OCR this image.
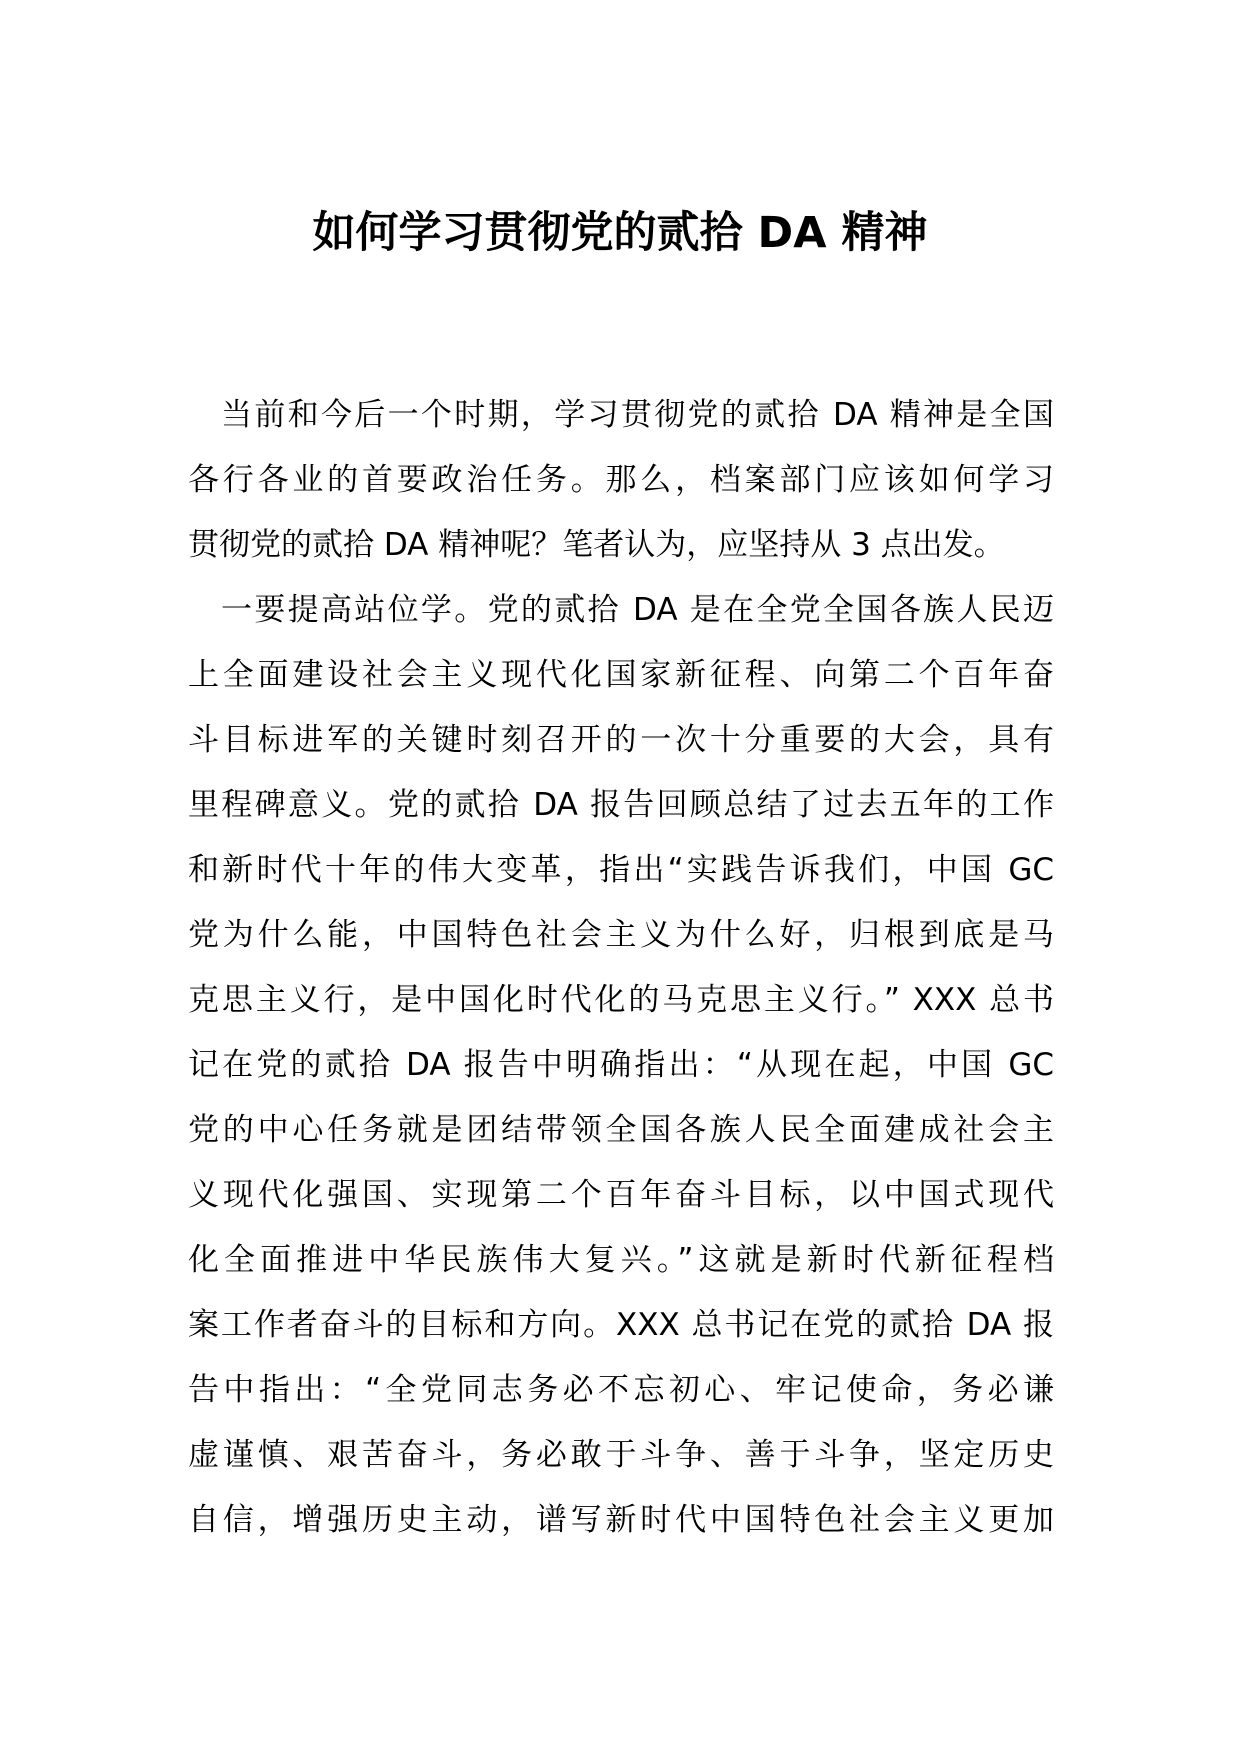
如何学习贯彻党的贰拾 DA 精神
当前和今后一个时期，学习贯彻党的贰拾 DA 精神是全国
各行各业的首要政治任务。那么，档案部门应该如何学习
贯彻党的贰拾 DA 精神呢？笔者认为，应坚持从 3 点出发。
一要提高站位学。党的贰拾 DA 是在全党全国各族人民迈
上全面建设社会主义现代化国家新征程、向第二个百年奋
斗目标进军的关键时刻召开的一次十分重要的大会，具有
里程碑意义。党的贰拾 DA 报告回顾总结了过去五年的工作
和新时代十年的伟大变革，指出“实践告诉我们，中国 GC
党为什么能，中国特色社会主义为什么好，归根到底是马
克思主义行，是中国化时代化的马克思主义行。” XXX 总书
记在党的贰拾 DA 报告中明确指出：“从现在起，中国 GC
党的中心任务就是团结带领全国各族人民全面建成社会主
义现代化强国、实现第二个百年奋斗目标，以中国式现代
化全面推进中华民族伟大复兴。”这就是新时代新征程档
案工作者奋斗的目标和方向。XXX 总书记在党的贰拾 DA 报
告中指出：“全党同志务必不忘初心、牢记使命，务必谦
虚谨慎、艰苦奋斗，务必敢于斗争、善于斗争，坚定历史
自信，增强历史主动，谱写新时代中国特色社会主义更加
